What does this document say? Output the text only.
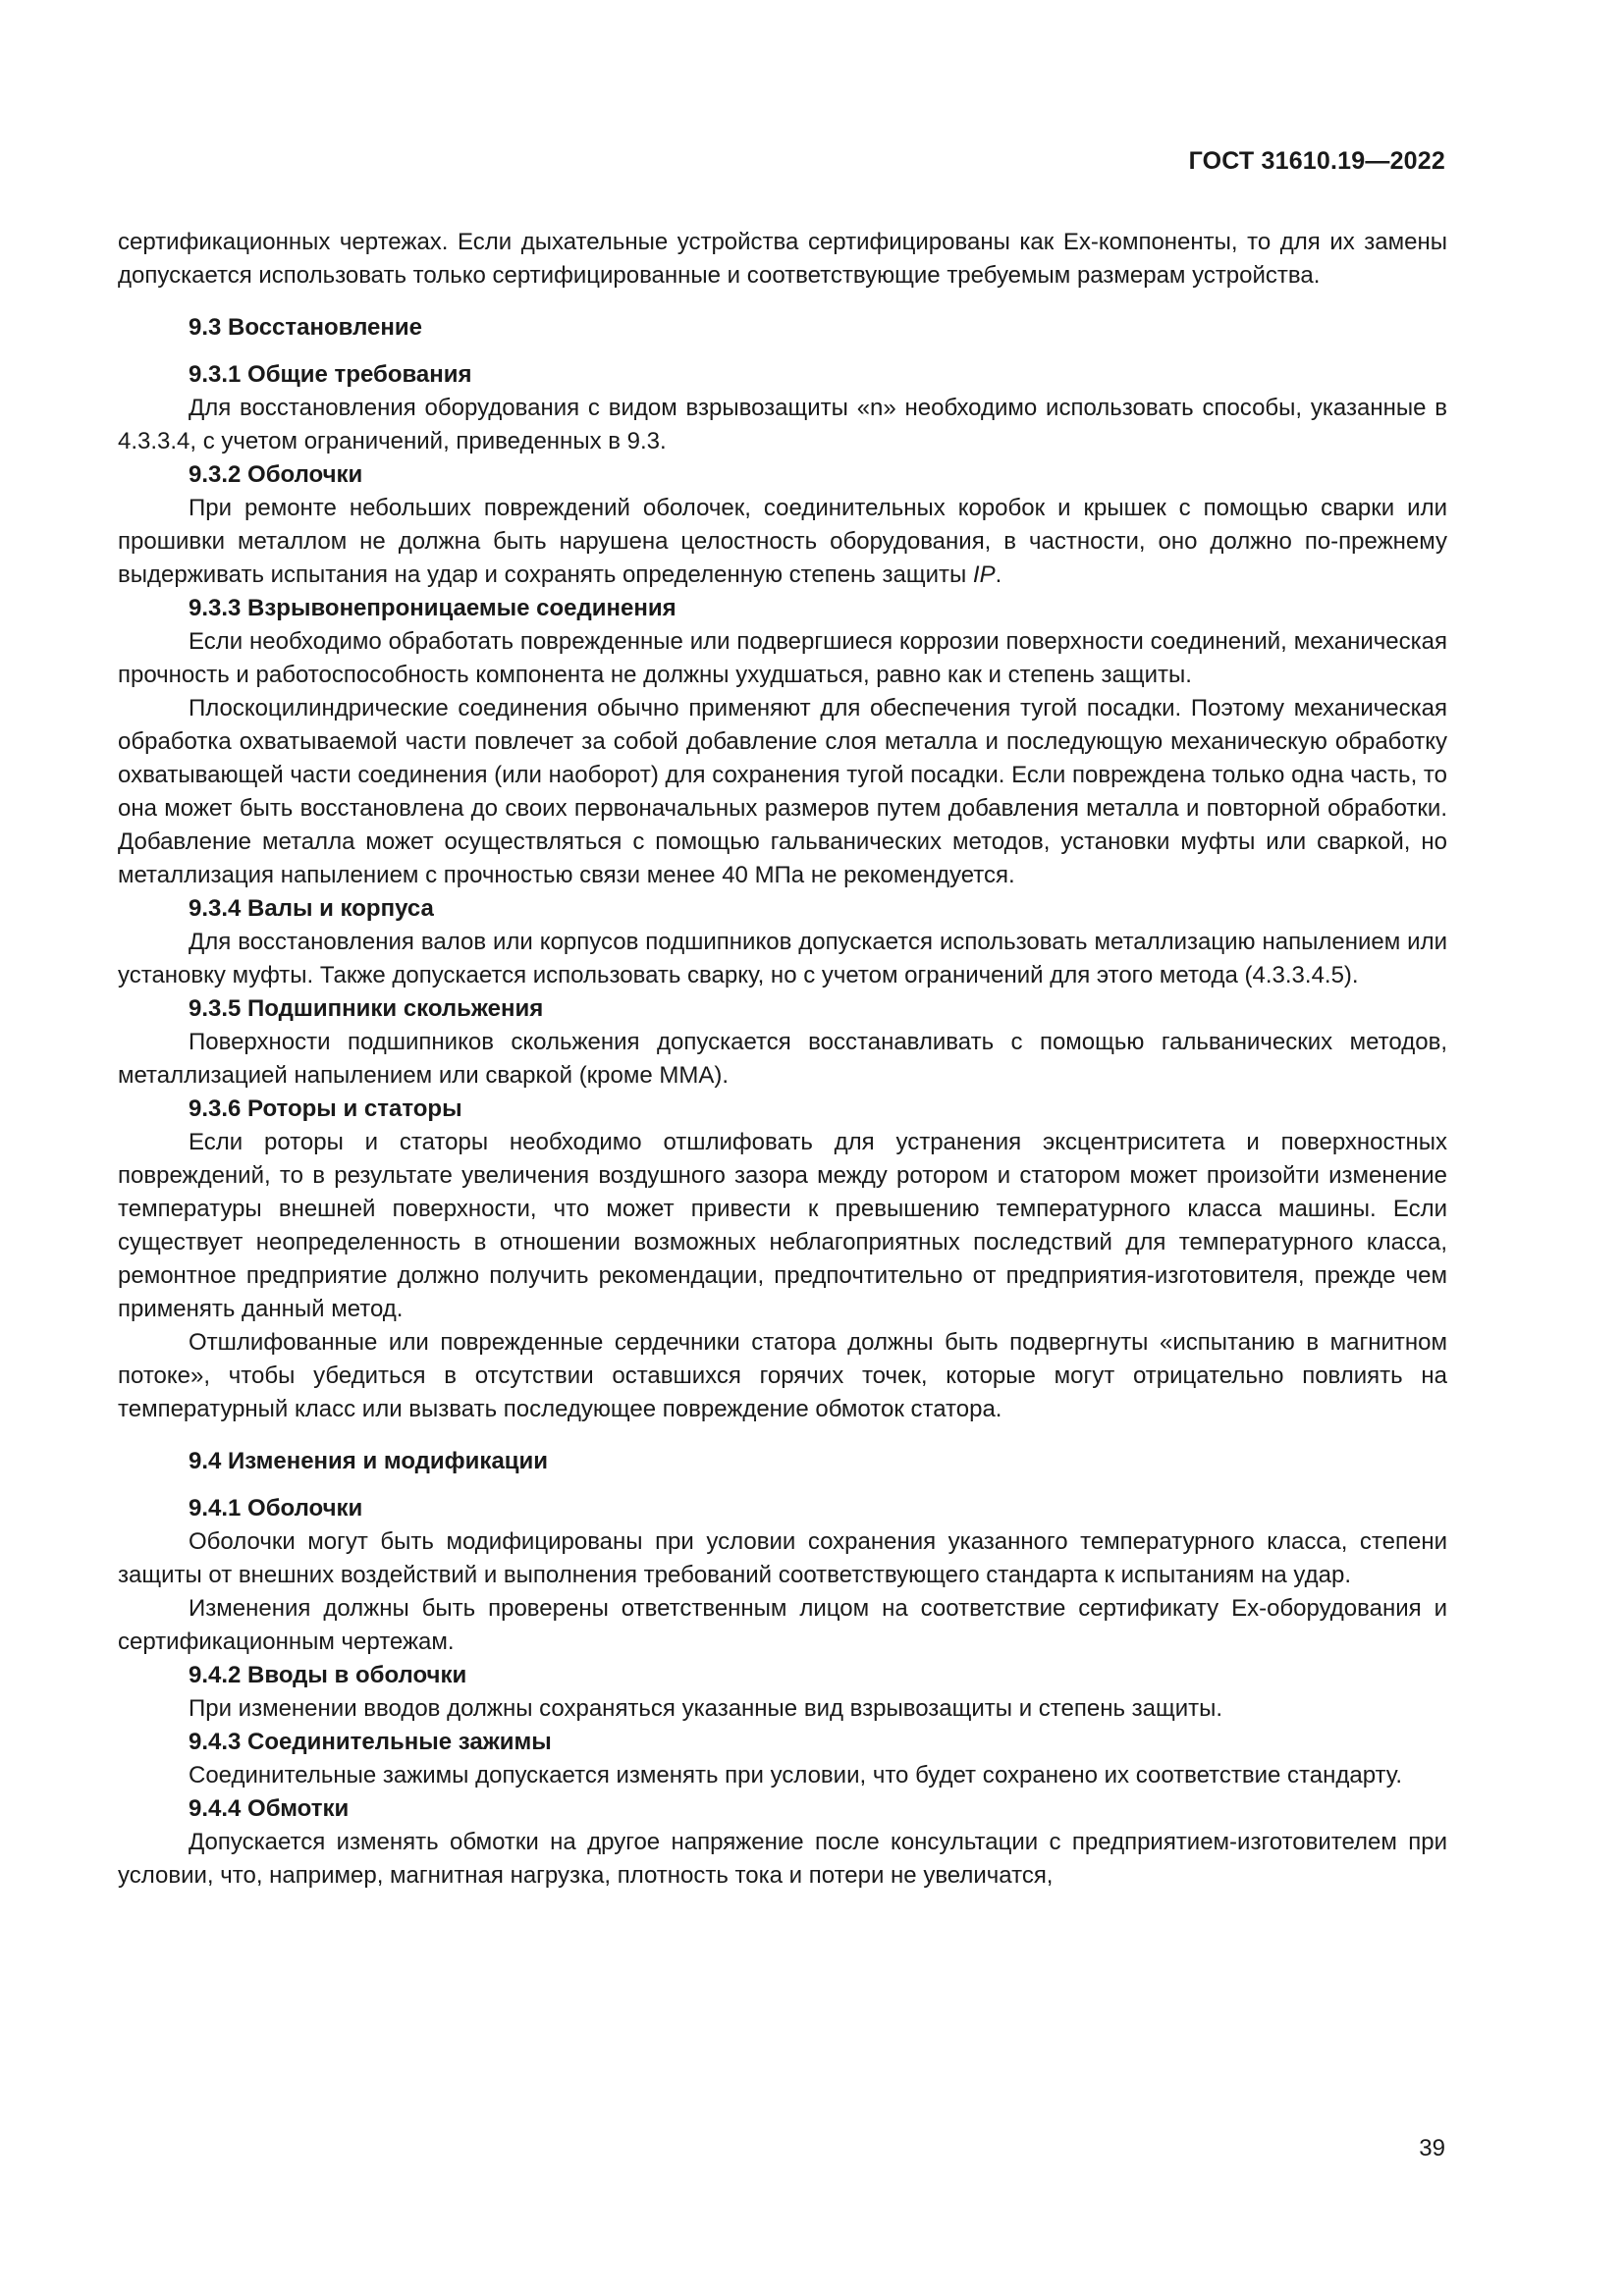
ГОСТ 31610.19—2022

сертификационных чертежах. Если дыхательные устройства сертифицированы как Ex-компоненты, то для их замены допускается использовать только сертифицированные и соответствующие требуемым размерам устройства.

9.3 Восстановление

9.3.1 Общие требования

Для восстановления оборудования с видом взрывозащиты «n» необходимо использовать способы, указанные в 4.3.3.4, с учетом ограничений, приведенных в 9.3.

9.3.2 Оболочки

При ремонте небольших повреждений оболочек, соединительных коробок и крышек с помощью сварки или прошивки металлом не должна быть нарушена целостность оборудования, в частности, оно должно по-прежнему выдерживать испытания на удар и сохранять определенную степень защиты IP.

9.3.3 Взрывонепроницаемые соединения

Если необходимо обработать поврежденные или подвергшиеся коррозии поверхности соединений, механическая прочность и работоспособность компонента не должны ухудшаться, равно как и степень защиты.

Плоскоцилиндрические соединения обычно применяют для обеспечения тугой посадки. Поэтому механическая обработка охватываемой части повлечет за собой добавление слоя металла и последующую механическую обработку охватывающей части соединения (или наоборот) для сохранения тугой посадки. Если повреждена только одна часть, то она может быть восстановлена до своих первоначальных размеров путем добавления металла и повторной обработки. Добавление металла может осуществляться с помощью гальванических методов, установки муфты или сваркой, но металлизация напылением с прочностью связи менее 40 МПа не рекомендуется.

9.3.4 Валы и корпуса

Для восстановления валов или корпусов подшипников допускается использовать металлизацию напылением или установку муфты. Также допускается использовать сварку, но с учетом ограничений для этого метода (4.3.3.4.5).

9.3.5 Подшипники скольжения

Поверхности подшипников скольжения допускается восстанавливать с помощью гальванических методов, металлизацией напылением или сваркой (кроме ММА).

9.3.6 Роторы и статоры

Если роторы и статоры необходимо отшлифовать для устранения эксцентриситета и поверхностных повреждений, то в результате увеличения воздушного зазора между ротором и статором может произойти изменение температуры внешней поверхности, что может привести к превышению температурного класса машины. Если существует неопределенность в отношении возможных неблагоприятных последствий для температурного класса, ремонтное предприятие должно получить рекомендации, предпочтительно от предприятия-изготовителя, прежде чем применять данный метод.

Отшлифованные или поврежденные сердечники статора должны быть подвергнуты «испытанию в магнитном потоке», чтобы убедиться в отсутствии оставшихся горячих точек, которые могут отрицательно повлиять на температурный класс или вызвать последующее повреждение обмоток статора.

9.4 Изменения и модификации

9.4.1 Оболочки

Оболочки могут быть модифицированы при условии сохранения указанного температурного класса, степени защиты от внешних воздействий и выполнения требований соответствующего стандарта к испытаниям на удар.

Изменения должны быть проверены ответственным лицом на соответствие сертификату Ex-оборудования и сертификационным чертежам.

9.4.2 Вводы в оболочки

При изменении вводов должны сохраняться указанные вид взрывозащиты и степень защиты.

9.4.3 Соединительные зажимы

Соединительные зажимы допускается изменять при условии, что будет сохранено их соответствие стандарту.

9.4.4 Обмотки

Допускается изменять обмотки на другое напряжение после консультации с предприятием-изготовителем при условии, что, например, магнитная нагрузка, плотность тока и потери не увеличатся,

39
